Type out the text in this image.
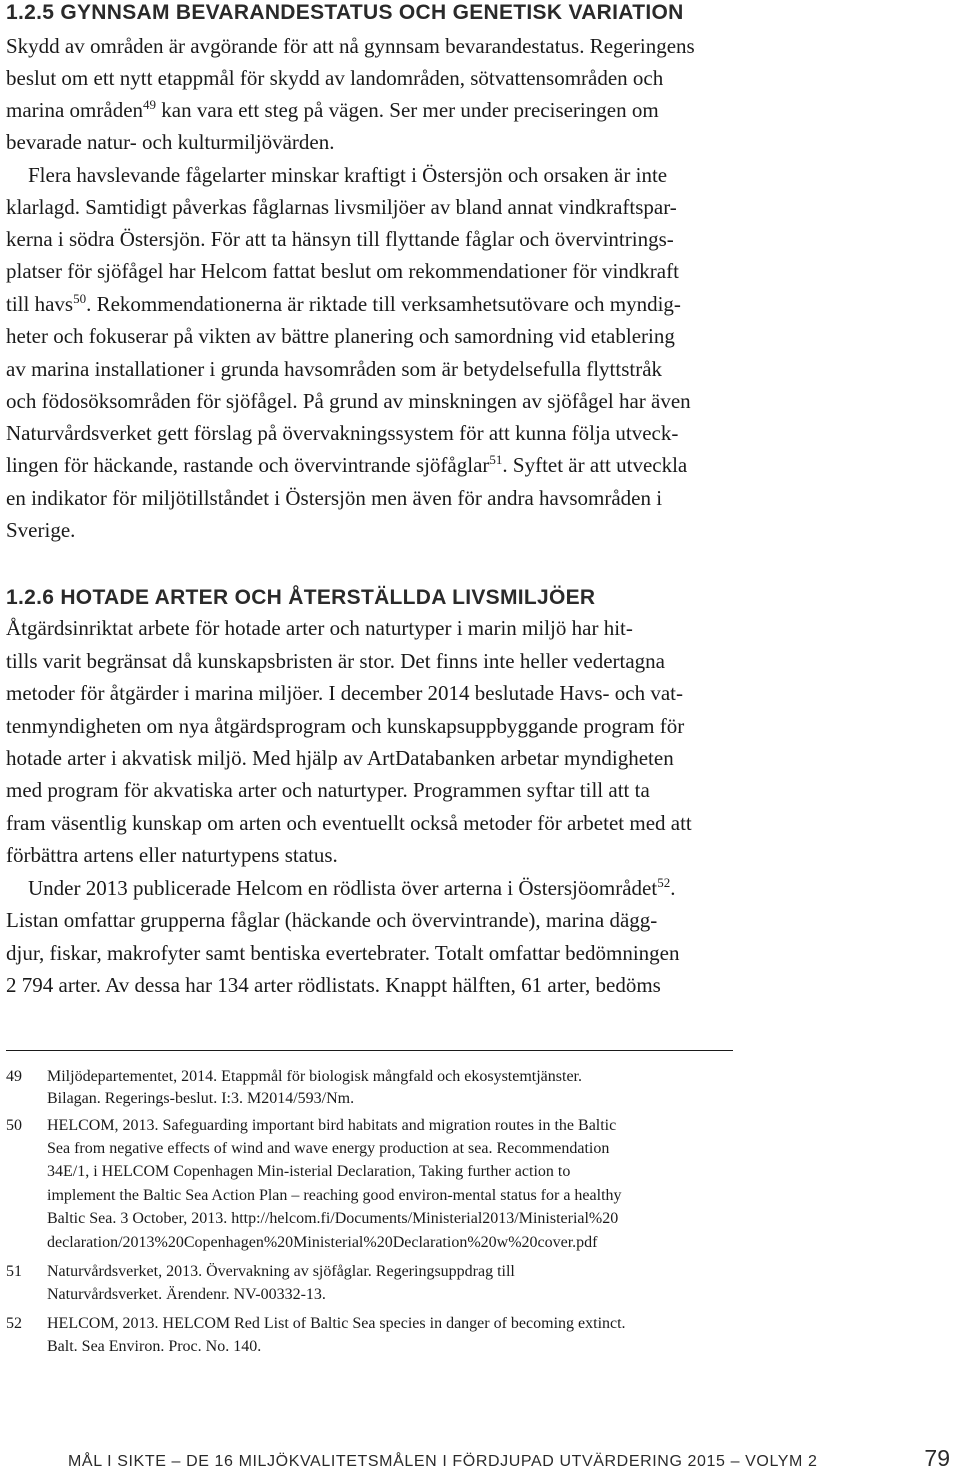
1.2.5 GYNNSAM BEVARANDESTATUS OCH GENETISK VARIATION

Skydd av områden är avgörande för att nå gynnsam bevarandestatus. Regeringens

beslut om ett nytt etappmål för skydd av landområden, sötvattensområden och

marina områden$^{49}$ kan vara ett steg på vägen. Ser mer under preciseringen om

bevarade natur- och kulturmiljövärden.

Flera havslevande fågelarter minskar kraftigt i Östersjön och orsaken är inte

klarlagd. Samtidigt påverkas fåglarnas livsmiljöer av bland annat vindkraftspar-

kerna i södra Östersjön. För att ta hänsyn till flyttande fåglar och övervintrings-

platser för sjöfågel har Helcom fattat beslut om rekommendationer för vindkraft

till havs$^{50}$. Rekommendationerna är riktade till verksamhetsutövare och myndig-

heter och fokuserar på vikten av bättre planering och samordning vid etablering

av marina installationer i grunda havsområden som är betydelsefulla flyttstråk

och födosöksområden för sjöfågel. På grund av minskningen av sjöfågel har även

Naturvårdsverket gett förslag på övervakningssystem för att kunna följa utveck-

lingen för häckande, rastande och övervintrande sjöfåglar$^{51}$. Syftet är att utveckla

en indikator för miljötillståndet i Östersjön men även för andra havsområden i

Sverige.

1.2.6 HOTADE ARTER OCH ÅTERSTÄLLDA LIVSMILJÖER

Åtgärdsinriktat arbete för hotade arter och naturtyper i marin miljö har hit-

tills varit begränsat då kunskapsbristen är stor. Det finns inte heller vedertagna

metoder för åtgärder i marina miljöer. I december 2014 beslutade Havs- och vat-

tenmyndigheten om nya åtgärdsprogram och kunskapsuppbyggande program för

hotade arter i akvatisk miljö. Med hjälp av ArtDatabanken arbetar myndigheten

med program för akvatiska arter och naturtyper. Programmen syftar till att ta

fram väsentlig kunskap om arten och eventuellt också metoder för arbetet med att

förbättra artens eller naturtypens status.

Under 2013 publicerade Helcom en rödlista över arterna i Östersjöområdet$^{52}$.

Listan omfattar grupperna fåglar (häckande och övervintrande), marina dägg-

djur, fiskar, makrofyter samt bentiska evertebrater. Totalt omfattar bedömningen

2 794 arter. Av dessa har 134 arter rödlistats. Knappt hälften, 61 arter, bedöms

49 Miljödepartementet, 2014. Etappmål för biologisk mångfald och ekosystemtjänster.
Bilagan. Regerings-beslut. I:3. M2014/593/Nm.
50 HELCOM, 2013. Safeguarding important bird habitats and migration routes in the Baltic
Sea from negative effects of wind and wave energy production at sea. Recommendation
34E/1, i HELCOM Copenhagen Min-isterial Declaration, Taking further action to
implement the Baltic Sea Action Plan – reaching good environ-mental status for a healthy
Baltic Sea. 3 October, 2013. http://helcom.fi/Documents/Ministerial2013/Ministerial%20
declaration/2013%20Copenhagen%20Ministerial%20Declaration%20w%20cover.pdf
51 Naturvårdsverket, 2013. Övervakning av sjöfåglar. Regeringsuppdrag till
Naturvårdsverket. Ärendenr. NV-00332-13.
52 HELCOM, 2013. HELCOM Red List of Baltic Sea species in danger of becoming extinct.
Balt. Sea Environ. Proc. No. 140.
MÅL I SIKTE – DE 16 MILJÖKVALITETSMÅLEN I FÖRDJUPAD UTVÄRDERING 2015 – VOLYM 2	79
